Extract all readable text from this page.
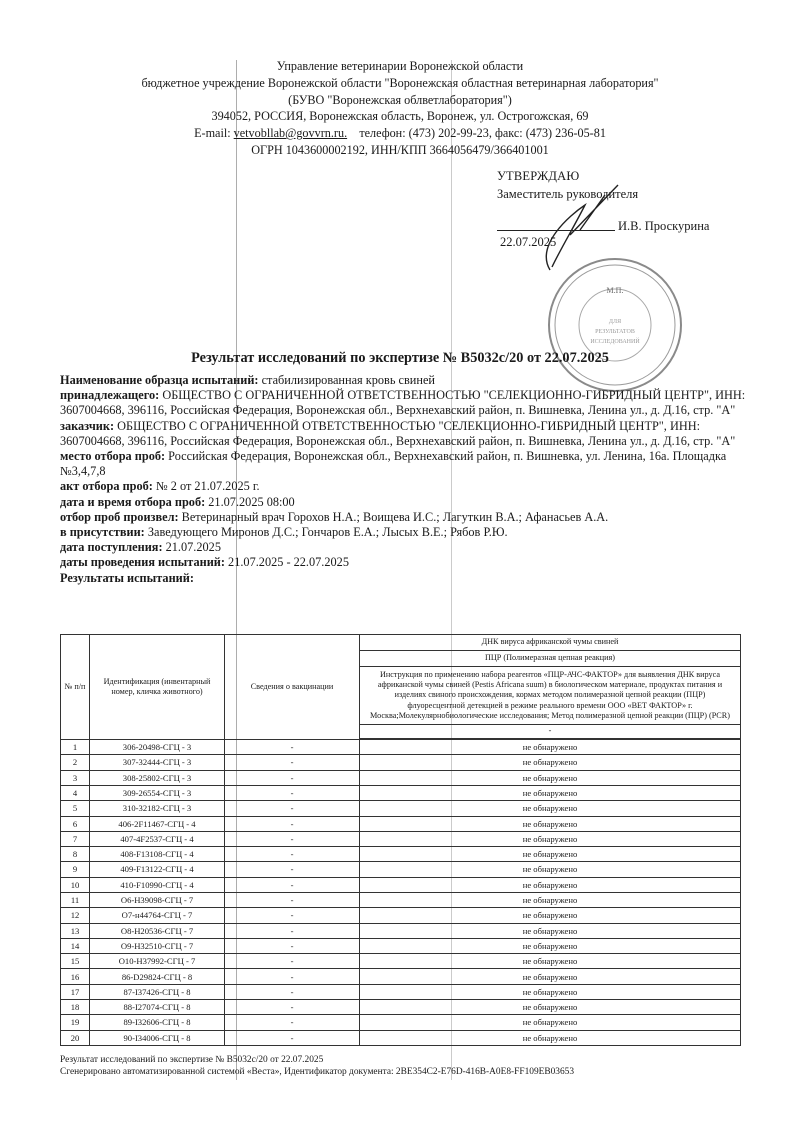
Управление ветеринарии Воронежской области
бюджетное учреждение Воронежской области "Воронежская областная ветеринарная лаборатория"
(БУВО "Воронежская облветлаборатория")
394052, РОССИЯ, Воронежская область, Воронеж, ул. Острогожская, 69
E-mail: vetvobllab@govvrn.ru. телефон: (473) 202-99-23, факс: (473) 236-05-81
ОГРН 1043600002192, ИНН/КПП 3664056479/366401001
УТВЕРЖДАЮ
Заместитель руководителя
И.В. Проскурина
22.07.2025
М.П.
ДЛЯ
РЕЗУЛЬТАТОВ
ИССЛЕДОВАНИЙ
Результат исследований по экспертизе № B5032c/20 от 22.07.2025

Наименование образца испытаний: стабилизированная кровь свиней

принадлежащего: ОБЩЕСТВО С ОГРАНИЧЕННОЙ ОТВЕТСТВЕННОСТЬЮ "СЕЛЕКЦИОННО-ГИБРИДНЫЙ ЦЕНТР", ИНН: 3607004668, 396116, Российская Федерация, Воронежская обл., Верхнехавский район, п. Вишневка, Ленина ул., д. Д.16, стр. "А"

заказчик: ОБЩЕСТВО С ОГРАНИЧЕННОЙ ОТВЕТСТВЕННОСТЬЮ "СЕЛЕКЦИОННО-ГИБРИДНЫЙ ЦЕНТР", ИНН: 3607004668, 396116, Российская Федерация, Воронежская обл., Верхнехавский район, п. Вишневка, Ленина ул., д. Д.16, стр. "А"

место отбора проб: Российская Федерация, Воронежская обл., Верхнехавский район, п. Вишневка, ул. Ленина, 16а. Площадка №3,4,7,8

акт отбора проб: № 2 от 21.07.2025 г.

дата и время отбора проб: 21.07.2025 08:00

отбор проб произвел: Ветеринарный врач Горохов Н.А.; Воищева И.С.; Лагуткин В.А.; Афанасьев А.А.

в присутствии: Заведующего Миронов Д.С.; Гончаров Е.А.; Лысых В.Е.; Рябов Р.Ю.

дата поступления: 21.07.2025

даты проведения испытаний: 21.07.2025 - 22.07.2025

Результаты испытаний:

№ п/п	Идентификация (инвентарный номер, кличка животного)	Сведения о вакцинации	ДНК вируса африканской чумы свиней
			ПЦР (Полимеразная цепная реакция)
			Инструкция по применению набора реагентов «ПЦР-АЧС-ФАКТОР» для выявления ДНК вируса африканской чумы свиней (Pestis Africana suum) в биологическом материале, продуктах питания и изделиях свиного происхождения, кормах методом полимеразной цепной реакции (ПЦР) флуоресцентной детекцией в режиме реального времени ООО «ВЕТ ФАКТОР» г. Москва;Молекулярнобиологические исследования; Метод полимеразной цепной реакции (ПЦР) (PCR)
			-

1	306-20498-СГЦ - 3	-	не обнаружено
2	307-32444-СГЦ - 3	-	не обнаружено
3	308-25802-СГЦ - 3	-	не обнаружено
4	309-26554-СГЦ - 3	-	не обнаружено
5	310-32182-СГЦ - 3	-	не обнаружено
6	406-2F11467-СГЦ - 4	-	не обнаружено
7	407-4F2537-СГЦ - 4	-	не обнаружено
8	408-F13108-СГЦ - 4	-	не обнаружено
9	409-F13122-СГЦ - 4	-	не обнаружено
10	410-F10990-СГЦ - 4	-	не обнаружено
11	O6-H39098-СГЦ - 7	-	не обнаружено
12	O7-н44764-СГЦ - 7	-	не обнаружено
13	O8-H20536-СГЦ - 7	-	не обнаружено
14	O9-H32510-СГЦ - 7	-	не обнаружено
15	O10-H37992-СГЦ - 7	-	не обнаружено
16	86-D29824-СГЦ - 8	-	не обнаружено
17	87-I37426-СГЦ - 8	-	не обнаружено
18	88-I27074-СГЦ - 8	-	не обнаружено
19	89-I32606-СГЦ - 8	-	не обнаружено
20	90-I34006-СГЦ - 8	-	не обнаружено
Результат исследований по экспертизе № B5032c/20 от 22.07.2025
Сгенерировано автоматизированной системой «Веста», Идентификатор документа: 2BE354C2-E76D-416B-A0E8-FF109EB03653
